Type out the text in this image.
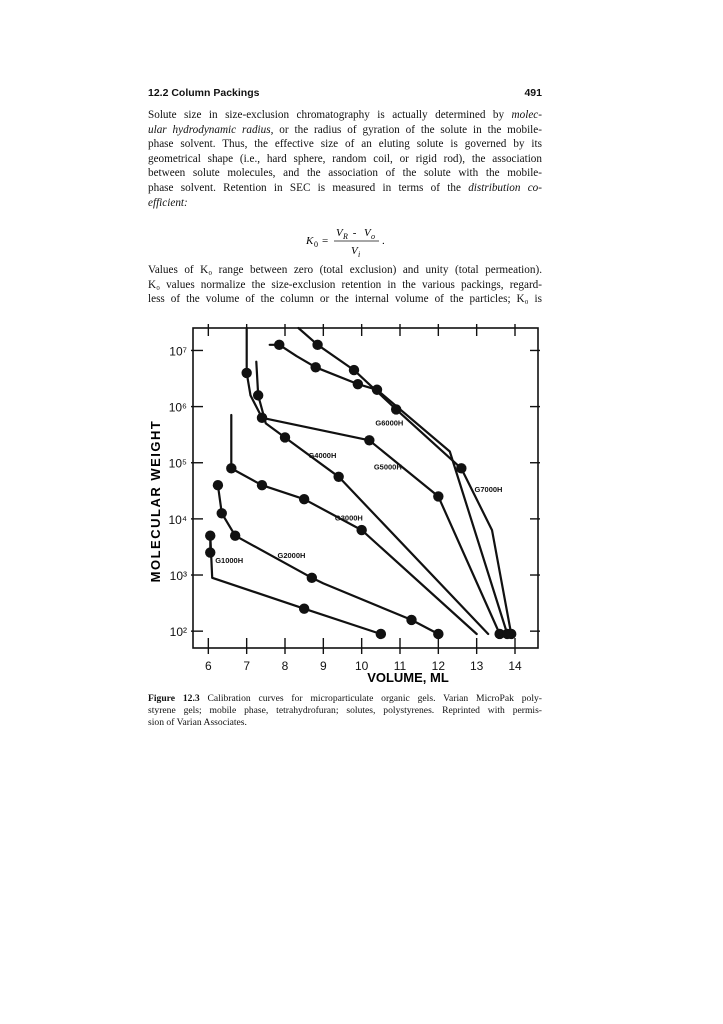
12.2 Column Packings	491
Solute size in size-exclusion chromatography is actually determined by molec-
ular hydrodynamic radius, or the radius of gyration of the solute in the mobile-
phase solvent. Thus, the effective size of an eluting solute is governed by its
geometrical shape (i.e., hard sphere, random coil, or rigid rod), the association
between solute molecules, and the association of the solute with the mobile-
phase solvent. Retention in SEC is measured in terms of the distribution co-
efficient:
K 0 =
V R - V o
V i
.
Values of K₀ range between zero (total exclusion) and unity (total permeation).
K₀ values normalize the size-exclusion retention in the various packings, regard-
less of the volume of the column or the internal volume of the particles; K₀ is
6	7	8	9 10 11 12 13 14
10⁷
10⁶
10⁵
10⁴
10³
10²
G1000H
G2000H
G3000H
G4000H
G5000H
G6000H
G7000H
MOLECULAR WEIGHT
VOLUME, ML
Figure 12.3 Calibration curves for microparticulate organic gels. Varian MicroPak poly-
styrene gels; mobile phase, tetrahydrofuran; solutes, polystyrenes. Reprinted with permis-
sion of Varian Associates.
